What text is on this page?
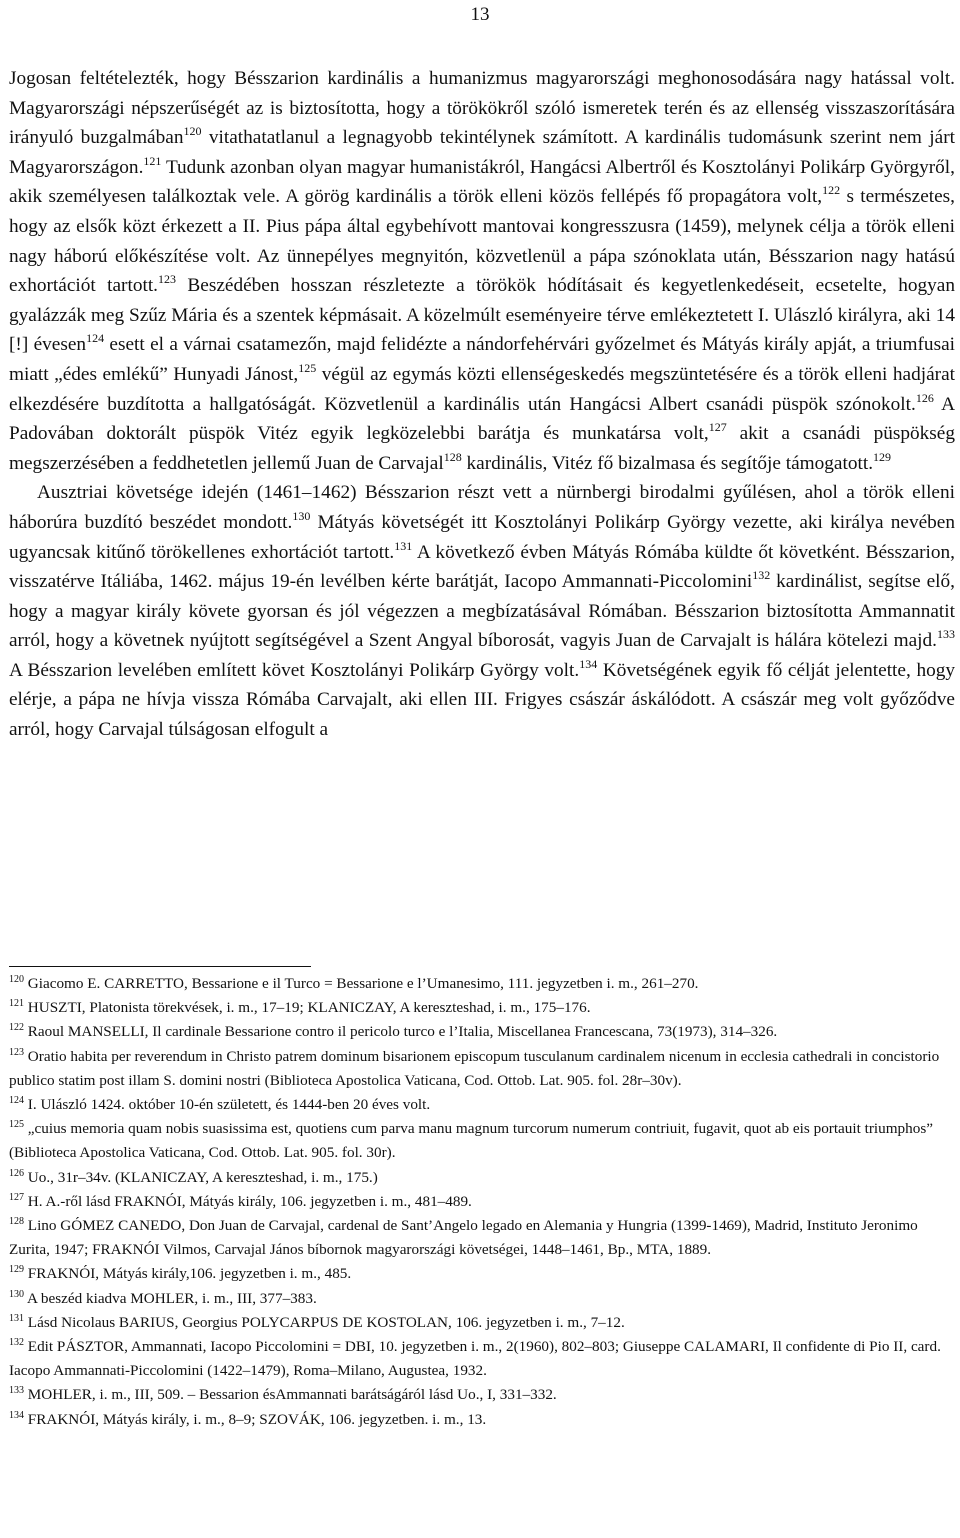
13

Jogosan feltételezték, hogy Bésszarion kardinális a humanizmus magyarországi meghonosodására nagy hatással volt. Magyarországi népszerűségét az is biztosította, hogy a törökökről szóló ismeretek terén és az ellenség visszaszorítására irányuló buzgalmában$^{120}$ vitathatatlanul a legnagyobb tekintélynek számított. A kardinális tudomásunk szerint nem járt Magyarországon.$^{121}$ Tudunk azonban olyan magyar humanistákról, Hangácsi Albertről és Kosztolányi Polikárp Györgyről, akik személyesen találkoztak vele. A görög kardinális a török elleni közös fellépés fő propagátora volt,$^{122}$ s természetes, hogy az elsők közt érkezett a II. Pius pápa által egybehívott mantovai kongresszusra (1459), melynek célja a török elleni nagy háború előkészítése volt. Az ünnepélyes megnyitón, közvetlenül a pápa szónoklata után, Bésszarion nagy hatású exhortációt tartott.$^{123}$ Beszédében hosszan részletezte a törökök hódításait és kegyetlenkedéseit, ecsetelte, hogyan gyalázzák meg Szűz Mária és a szentek képmásait. A közelmúlt eseményeire térve emlékeztetett I. Ulászló királyra, aki 14 [!] évesen$^{124}$ esett el a várnai csatamezőn, majd felidézte a nándorfehérvári győzelmet és Mátyás király apját, a triumfusai miatt „édes emlékű” Hunyadi Jánost,$^{125}$ végül az egymás közti ellenségeskedés megszüntetésére és a török elleni hadjárat elkezdésére buzdította a hallgatóságát. Közvetlenül a kardinális után Hangácsi Albert csanádi püspök szónokolt.$^{126}$ A Padovában doktorált püspök Vitéz egyik legközelebbi barátja és munkatársa volt,$^{127}$ akit a csanádi püspökség megszerzésében a feddhetetlen jellemű Juan de Carvajal$^{128}$ kardinális, Vitéz fő bizalmasa és segítője támogatott.$^{129}$

Ausztriai követsége idején (1461–1462) Bésszarion részt vett a nürnbergi birodalmi gyűlésen, ahol a török elleni háborúra buzdító beszédet mondott.$^{130}$ Mátyás követségét itt Kosztolányi Polikárp György vezette, aki királya nevében ugyancsak kitűnő törökellenes exhortációt tartott.$^{131}$ A következő évben Mátyás Rómába küldte őt követként. Bésszarion, visszatérve Itáliába, 1462. május 19-én levélben kérte barátját, Iacopo Ammannati-Piccolomini$^{132}$ kardinálist, segítse elő, hogy a magyar király követe gyorsan és jól végezzen a megbízatásával Rómában. Bésszarion biztosította Ammannatit arról, hogy a követnek nyújtott segítségével a Szent Angyal bíborosát, vagyis Juan de Carvajalt is hálára kötelezi majd.$^{133}$ A Bésszarion levelében említett követ Kosztolányi Polikárp György volt.$^{134}$ Követségének egyik fő célját jelentette, hogy elérje, a pápa ne hívja vissza Rómába Carvajalt, aki ellen III. Frigyes császár áskálódott. A császár meg volt győződve arról, hogy Carvajal túlságosan elfogult a

$^{120}$ Giacomo E. CARRETTO, Bessarione e il Turco = Bessarione e l’Umanesimo, 111. jegyzetben i. m., 261–270.

$^{121}$ HUSZTI, Platonista törekvések, i. m., 17–19; KLANICZAY, A kereszteshad, i. m., 175–176.

$^{122}$ Raoul MANSELLI, Il cardinale Bessarione contro il pericolo turco e l’Italia, Miscellanea Francescana, 73(1973), 314–326.

$^{123}$ Oratio habita per reverendum in Christo patrem dominum bisarionem episcopum tusculanum cardinalem nicenum in ecclesia cathedrali in concistorio publico statim post illam S. domini nostri (Biblioteca Apostolica Vaticana, Cod. Ottob. Lat. 905. fol. 28r–30v).

$^{124}$ I. Ulászló 1424. október 10-én született, és 1444-ben 20 éves volt.

$^{125}$ „cuius memoria quam nobis suasissima est, quotiens cum parva manu magnum turcorum numerum contriuit, fugavit, quot ab eis portauit triumphos” (Biblioteca Apostolica Vaticana, Cod. Ottob. Lat. 905. fol. 30r).

$^{126}$ Uo., 31r–34v. (KLANICZAY, A kereszteshad, i. m., 175.)

$^{127}$ H. A.-ről lásd FRAKNÓI, Mátyás király, 106. jegyzetben i. m., 481–489.

$^{128}$ Lino GÓMEZ CANEDO, Don Juan de Carvajal, cardenal de Sant’Angelo legado en Alemania y Hungria (1399-1469), Madrid, Instituto Jeronimo Zurita, 1947; FRAKNÓI Vilmos, Carvajal János bíbornok magyarországi követségei, 1448–1461, Bp., MTA, 1889.

$^{129}$ FRAKNÓI, Mátyás király,106. jegyzetben i. m., 485.

$^{130}$ A beszéd kiadva MOHLER, i. m., III, 377–383.

$^{131}$ Lásd Nicolaus BARIUS, Georgius POLYCARPUS DE KOSTOLAN, 106. jegyzetben i. m., 7–12.

$^{132}$ Edit PÁSZTOR, Ammannati, Iacopo Piccolomini = DBI, 10. jegyzetben i. m., 2(1960), 802–803; Giuseppe CALAMARI, Il confidente di Pio II, card. Iacopo Ammannati-Piccolomini (1422–1479), Roma–Milano, Augustea, 1932.

$^{133}$ MOHLER, i. m., III, 509. – Bessarion ésAmmannati barátságáról lásd Uo., I, 331–332.

$^{134}$ FRAKNÓI, Mátyás király, i. m., 8–9; SZOVÁK, 106. jegyzetben. i. m., 13.
